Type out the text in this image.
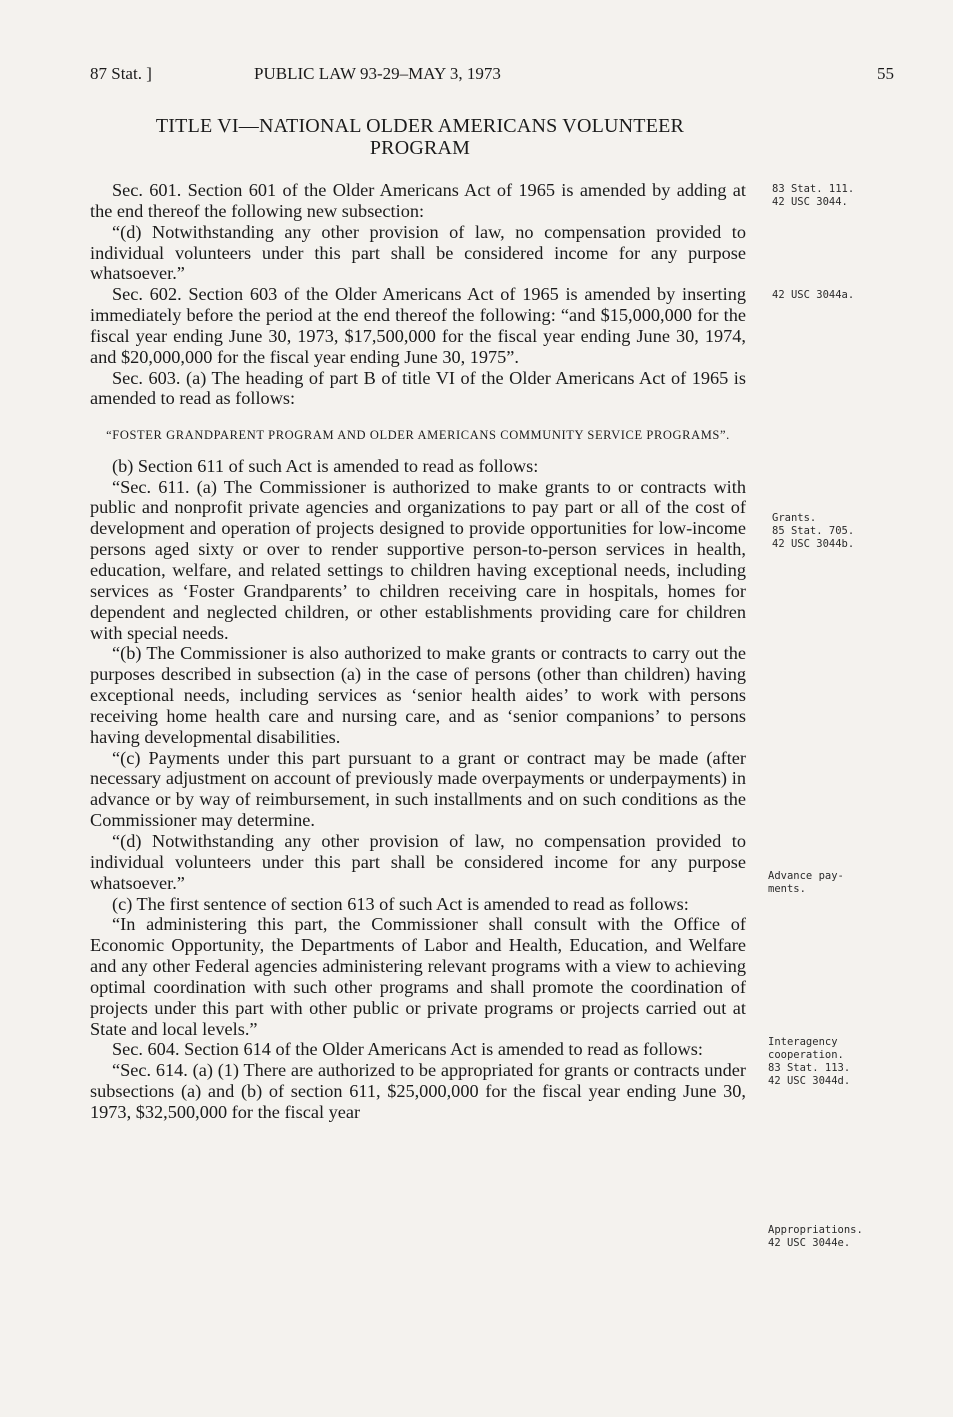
87 Stat. ]	PUBLIC LAW 93-29–MAY 3, 1973	55
TITLE VI—NATIONAL OLDER AMERICANS VOLUNTEER
PROGRAM

Sec. 601. Section 601 of the Older Americans Act of 1965 is amended by adding at the end thereof the following new subsection:

“(d) Notwithstanding any other provision of law, no compensation provided to individual volunteers under this part shall be considered income for any purpose whatsoever.”

Sec. 602. Section 603 of the Older Americans Act of 1965 is amended by inserting immediately before the period at the end thereof the following: “and $15,000,000 for the fiscal year ending June 30, 1973, $17,500,000 for the fiscal year ending June 30, 1974, and $20,000,000 for the fiscal year ending June 30, 1975”.

Sec. 603. (a) The heading of part B of title VI of the Older Americans Act of 1965 is amended to read as follows:

“FOSTER GRANDPARENT PROGRAM AND OLDER AMERICANS COMMUNITY SERVICE PROGRAMS”.

(b) Section 611 of such Act is amended to read as follows:

“Sec. 611. (a) The Commissioner is authorized to make grants to or contracts with public and nonprofit private agencies and organizations to pay part or all of the cost of development and operation of projects designed to provide opportunities for low-income persons aged sixty or over to render supportive person-to-person services in health, education, welfare, and related settings to children having exceptional needs, including services as ‘Foster Grandparents’ to children receiving care in hospitals, homes for dependent and neglected children, or other establishments providing care for children with special needs.

“(b) The Commissioner is also authorized to make grants or contracts to carry out the purposes described in subsection (a) in the case of persons (other than children) having exceptional needs, including services as ‘senior health aides’ to work with persons receiving home health care and nursing care, and as ‘senior companions’ to persons having developmental disabilities.

“(c) Payments under this part pursuant to a grant or contract may be made (after necessary adjustment on account of previously made overpayments or underpayments) in advance or by way of reimbursement, in such installments and on such conditions as the Commissioner may determine.

“(d) Notwithstanding any other provision of law, no compensation provided to individual volunteers under this part shall be considered income for any purpose whatsoever.”

(c) The first sentence of section 613 of such Act is amended to read as follows:

“In administering this part, the Commissioner shall consult with the Office of Economic Opportunity, the Departments of Labor and Health, Education, and Welfare and any other Federal agencies administering relevant programs with a view to achieving optimal coordination with such other programs and shall promote the coordination of projects under this part with other public or private programs or projects carried out at State and local levels.”

Sec. 604. Section 614 of the Older Americans Act is amended to read as follows:

“Sec. 614. (a) (1) There are authorized to be appropriated for grants or contracts under subsections (a) and (b) of section 611, $25,000,000 for the fiscal year ending June 30, 1973, $32,500,000 for the fiscal year

83 Stat. 111.
42 USC 3044.
42 USC 3044a.
Grants.
85 Stat. 705.
42 USC 3044b.
Advance pay-
ments.
Interagency
cooperation.
83 Stat. 113.
42 USC 3044d.
Appropriations.
42 USC 3044e.
